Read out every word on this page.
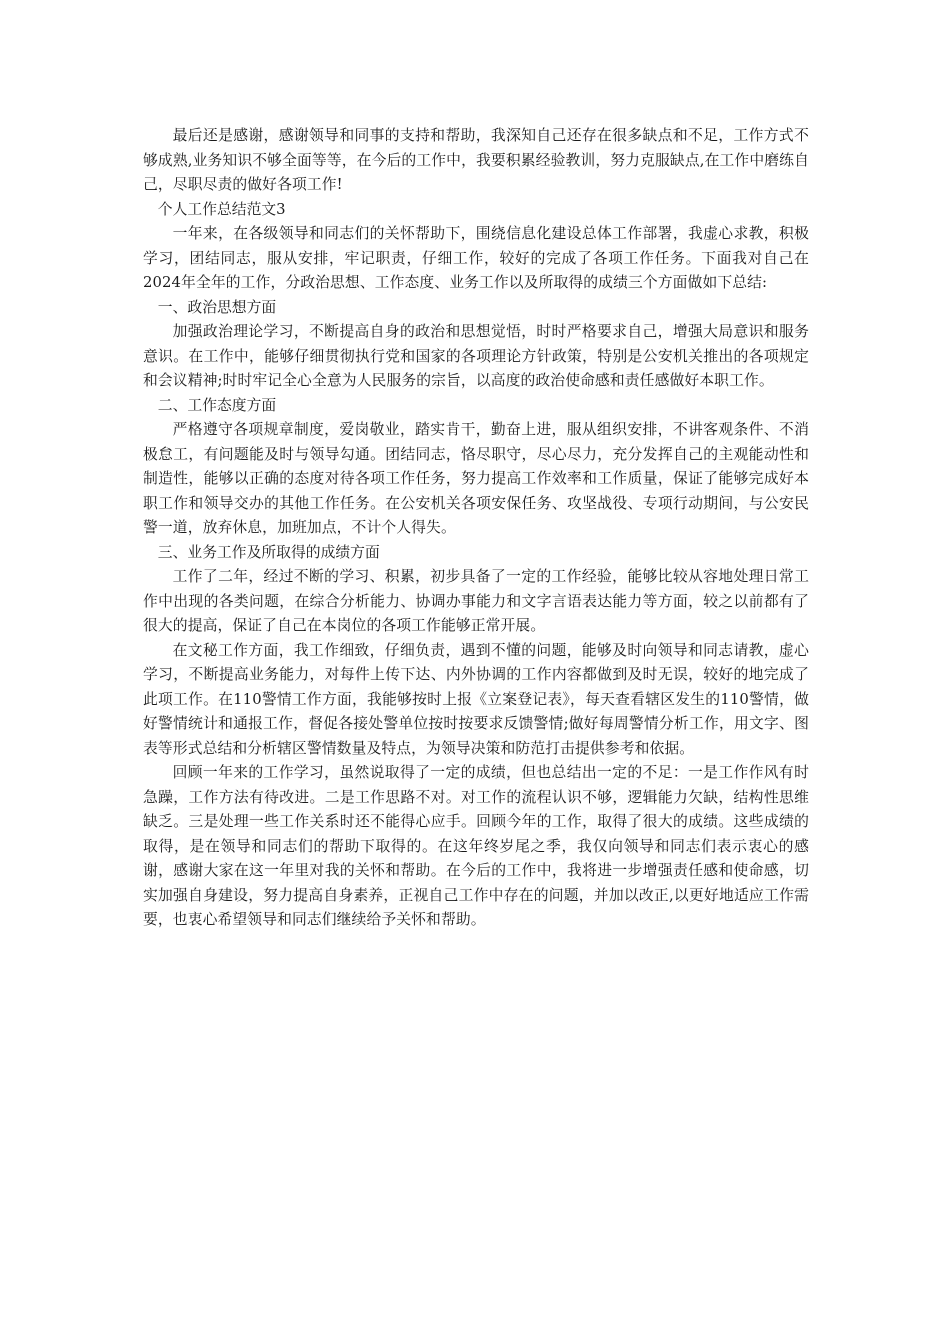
最后还是感谢，感谢领导和同事的支持和帮助，我深知自己还存在很多缺点和不足，工作方式不够成熟,业务知识不够全面等等，在今后的工作中，我要积累经验教训，努力克服缺点,在工作中磨练自己，尽职尽责的做好各项工作!

个人工作总结范文3

一年来，在各级领导和同志们的关怀帮助下，围绕信息化建设总体工作部署，我虚心求教，积极学习，团结同志，服从安排，牢记职责，仔细工作，较好的完成了各项工作任务。下面我对自己在2024年全年的工作，分政治思想、工作态度、业务工作以及所取得的成绩三个方面做如下总结:

一、政治思想方面

加强政治理论学习，不断提高自身的政治和思想觉悟，时时严格要求自己，增强大局意识和服务意识。在工作中，能够仔细贯彻执行党和国家的各项理论方针政策，特别是公安机关推出的各项规定和会议精神;时时牢记全心全意为人民服务的宗旨，以高度的政治使命感和责任感做好本职工作。

二、工作态度方面

严格遵守各项规章制度，爱岗敬业，踏实肯干，勤奋上进，服从组织安排，不讲客观条件、不消极怠工，有问题能及时与领导勾通。团结同志，恪尽职守，尽心尽力，充分发挥自己的主观能动性和制造性，能够以正确的态度对待各项工作任务，努力提高工作效率和工作质量，保证了能够完成好本职工作和领导交办的其他工作任务。在公安机关各项安保任务、攻坚战役、专项行动期间，与公安民警一道，放弃休息，加班加点，不计个人得失。

三、业务工作及所取得的成绩方面

工作了二年，经过不断的学习、积累，初步具备了一定的工作经验，能够比较从容地处理日常工作中出现的各类问题，在综合分析能力、协调办事能力和文字言语表达能力等方面，较之以前都有了很大的提高，保证了自己在本岗位的各项工作能够正常开展。

在文秘工作方面，我工作细致，仔细负责，遇到不懂的问题，能够及时向领导和同志请教，虚心学习，不断提高业务能力，对每件上传下达、内外协调的工作内容都做到及时无误，较好的地完成了此项工作。在110警情工作方面，我能够按时上报《立案登记表》，每天查看辖区发生的110警情，做好警情统计和通报工作，督促各接处警单位按时按要求反馈警情;做好每周警情分析工作，用文字、图表等形式总结和分析辖区警情数量及特点，为领导决策和防范打击提供参考和依据。

回顾一年来的工作学习，虽然说取得了一定的成绩，但也总结出一定的不足：一是工作作风有时急躁，工作方法有待改进。二是工作思路不对。对工作的流程认识不够，逻辑能力欠缺，结构性思维缺乏。三是处理一些工作关系时还不能得心应手。回顾今年的工作，取得了很大的成绩。这些成绩的取得，是在领导和同志们的帮助下取得的。在这年终岁尾之季，我仅向领导和同志们表示衷心的感谢，感谢大家在这一年里对我的关怀和帮助。在今后的工作中，我将进一步增强责任感和使命感，切实加强自身建设，努力提高自身素养，正视自己工作中存在的问题，并加以改正,以更好地适应工作需要，也衷心希望领导和同志们继续给予关怀和帮助。
